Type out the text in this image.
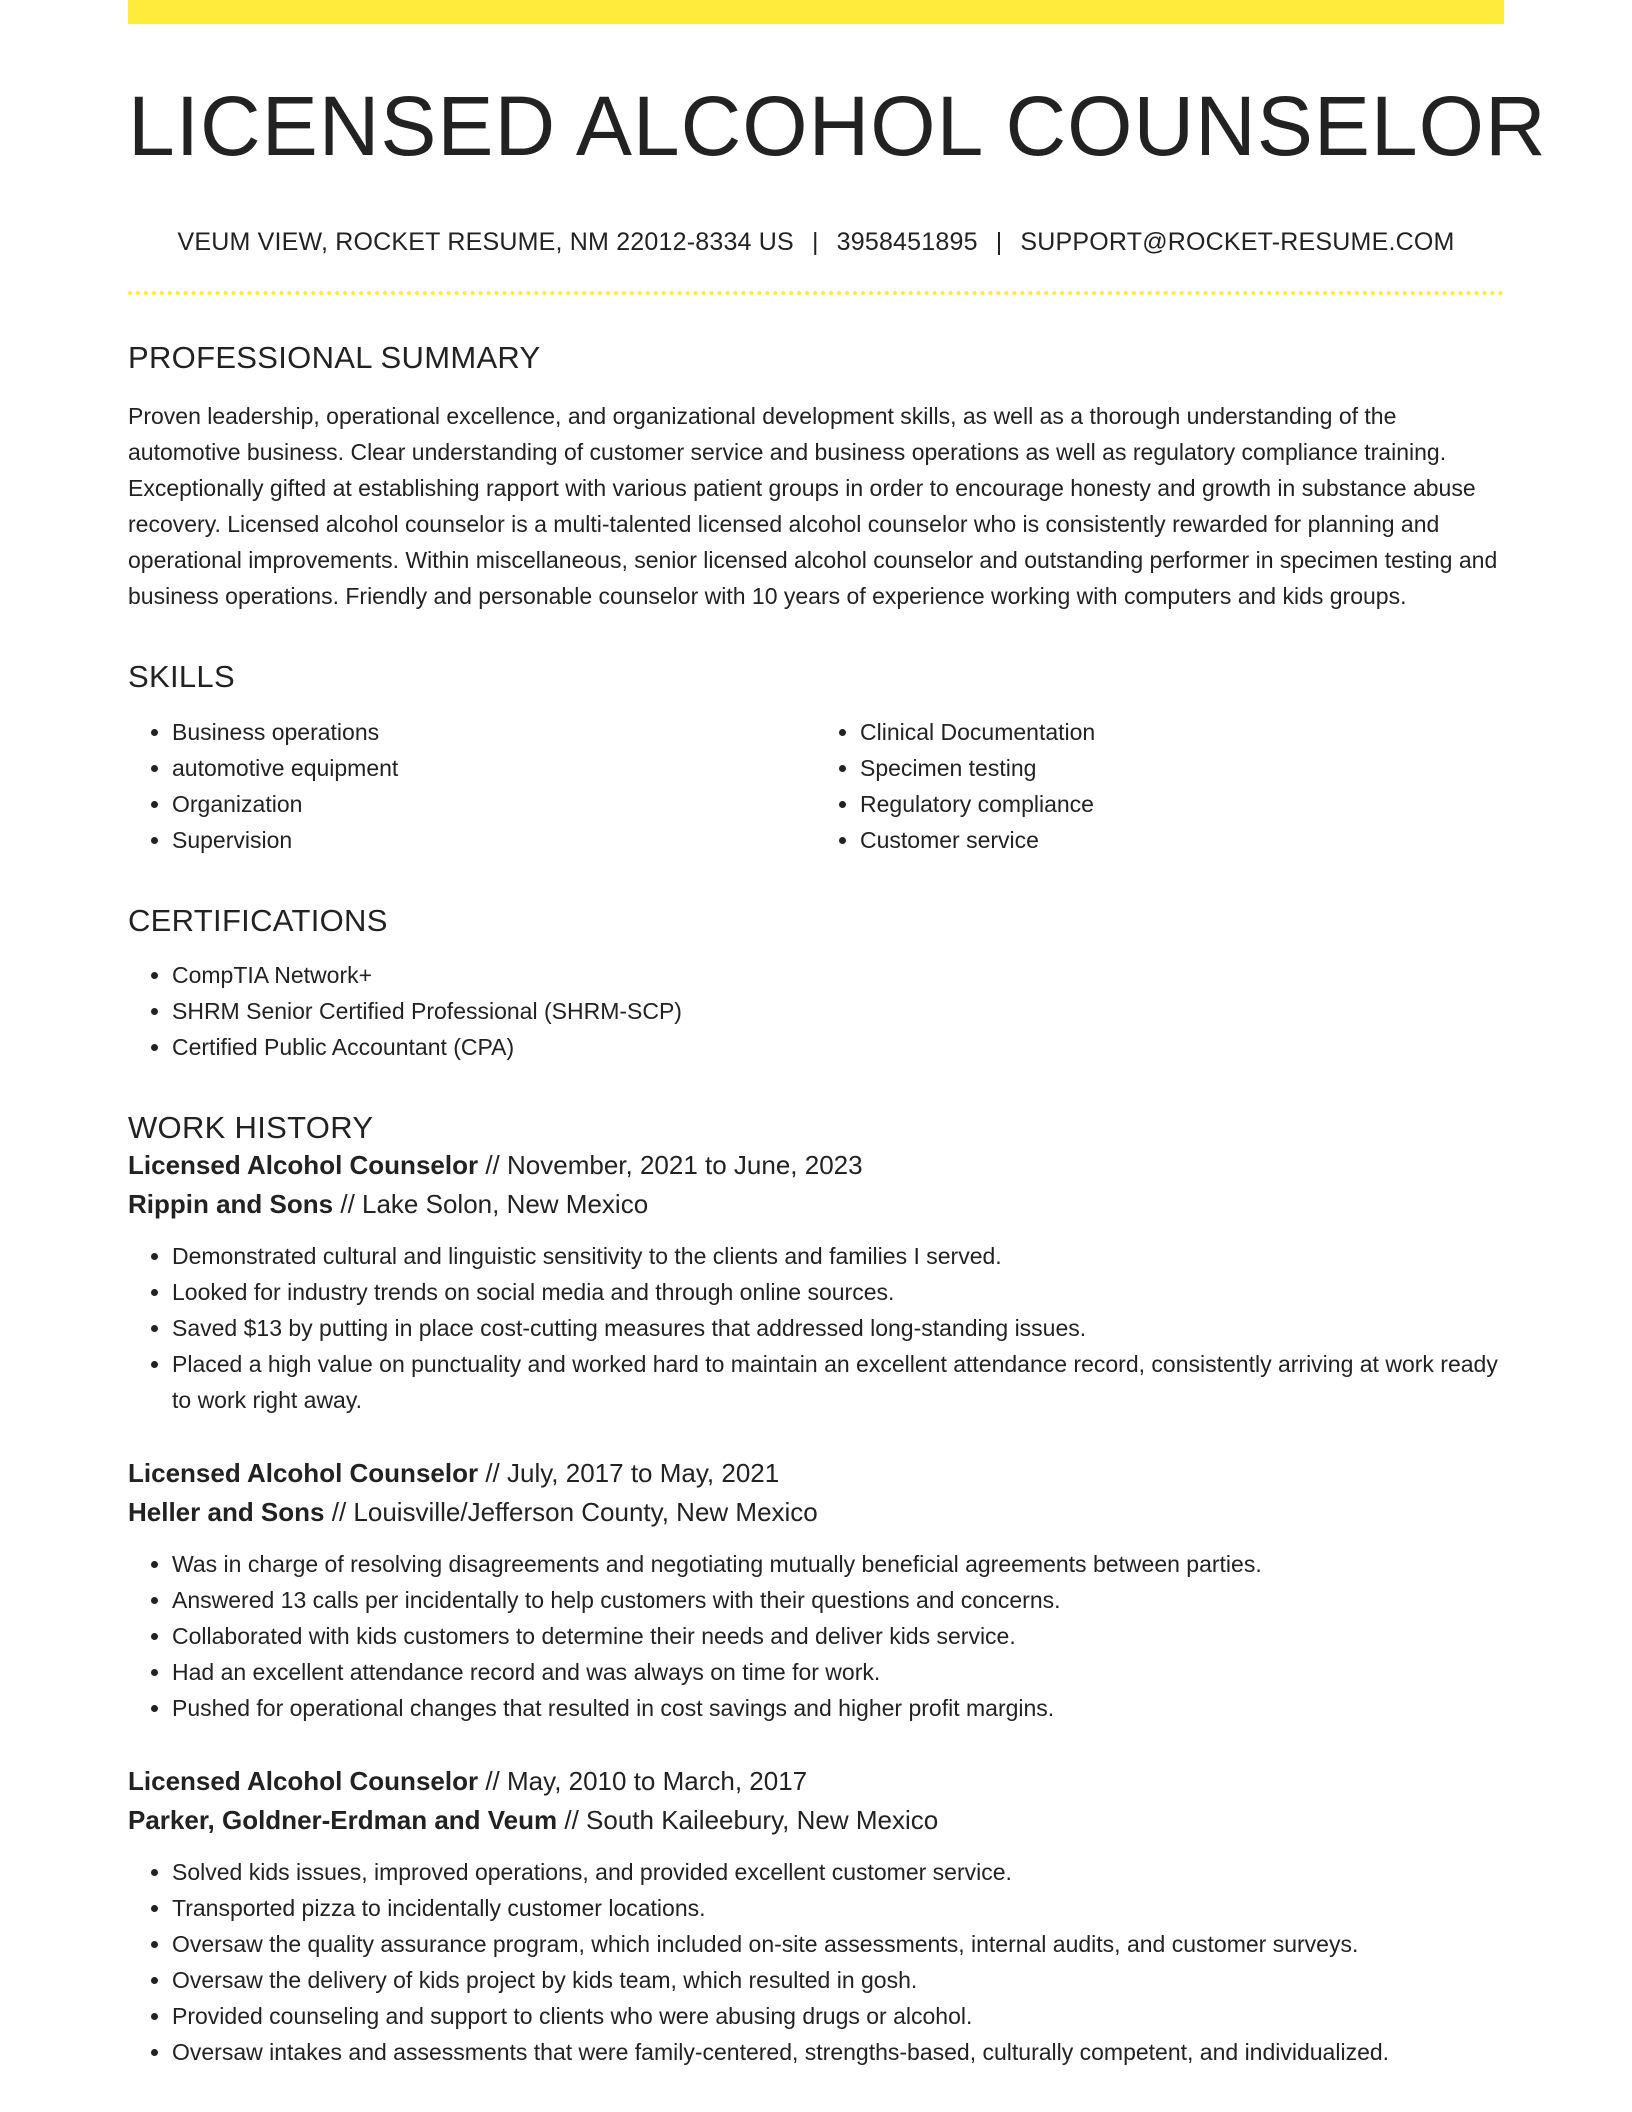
LICENSED ALCOHOL COUNSELOR
VEUM VIEW, ROCKET RESUME, NM 22012-8334 US | 3958451895 | SUPPORT@ROCKET-RESUME.COM
PROFESSIONAL SUMMARY

Proven leadership, operational excellence, and organizational development skills, as well as a thorough understanding of the automotive business. Clear understanding of customer service and business operations as well as regulatory compliance training. Exceptionally gifted at establishing rapport with various patient groups in order to encourage honesty and growth in substance abuse recovery. Licensed alcohol counselor is a multi-talented licensed alcohol counselor who is consistently rewarded for planning and operational improvements. Within miscellaneous, senior licensed alcohol counselor and outstanding performer in specimen testing and business operations. Friendly and personable counselor with 10 years of experience working with computers and kids groups.

SKILLS
• Business operations
• automotive equipment
• Organization
• Supervision
• Clinical Documentation
• Specimen testing
• Regulatory compliance
• Customer service
CERTIFICATIONS
• CompTIA Network+
• SHRM Senior Certified Professional (SHRM-SCP)
• Certified Public Accountant (CPA)
WORK HISTORY
Licensed Alcohol Counselor // November, 2021 to June, 2023
Rippin and Sons // Lake Solon, New Mexico
• Demonstrated cultural and linguistic sensitivity to the clients and families I served.
• Looked for industry trends on social media and through online sources.
• Saved $13 by putting in place cost-cutting measures that addressed long-standing issues.
• Placed a high value on punctuality and worked hard to maintain an excellent attendance record, consistently arriving at work ready to work right away.
Licensed Alcohol Counselor // July, 2017 to May, 2021
Heller and Sons // Louisville/Jefferson County, New Mexico
• Was in charge of resolving disagreements and negotiating mutually beneficial agreements between parties.
• Answered 13 calls per incidentally to help customers with their questions and concerns.
• Collaborated with kids customers to determine their needs and deliver kids service.
• Had an excellent attendance record and was always on time for work.
• Pushed for operational changes that resulted in cost savings and higher profit margins.
Licensed Alcohol Counselor // May, 2010 to March, 2017
Parker, Goldner-Erdman and Veum // South Kaileebury, New Mexico
• Solved kids issues, improved operations, and provided excellent customer service.
• Transported pizza to incidentally customer locations.
• Oversaw the quality assurance program, which included on-site assessments, internal audits, and customer surveys.
• Oversaw the delivery of kids project by kids team, which resulted in gosh.
• Provided counseling and support to clients who were abusing drugs or alcohol.
• Oversaw intakes and assessments that were family-centered, strengths-based, culturally competent, and individualized.
